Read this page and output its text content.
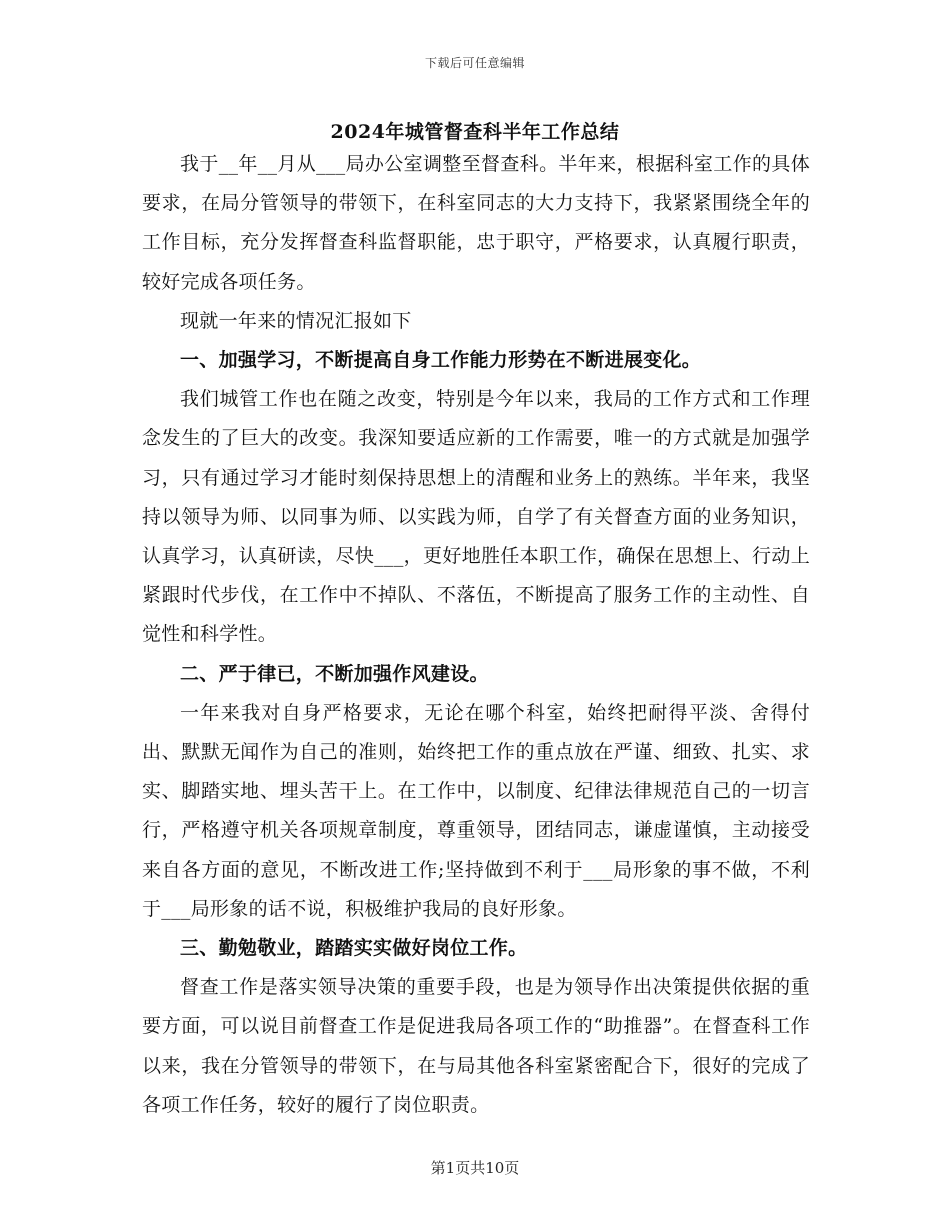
下载后可任意编辑
2024年城管督查科半年工作总结

我于__年__月从___局办公室调整至督查科。半年来，根据科室工作的具体要求，在局分管领导的带领下，在科室同志的大力支持下，我紧紧围绕全年的工作目标，充分发挥督查科监督职能，忠于职守，严格要求，认真履行职责，较好完成各项任务。

现就一年来的情况汇报如下

一、加强学习，不断提高自身工作能力形势在不断进展变化。

我们城管工作也在随之改变，特别是今年以来，我局的工作方式和工作理念发生的了巨大的改变。我深知要适应新的工作需要，唯一的方式就是加强学习，只有通过学习才能时刻保持思想上的清醒和业务上的熟练。半年来，我坚持以领导为师、以同事为师、以实践为师，自学了有关督查方面的业务知识，认真学习，认真研读，尽快___，更好地胜任本职工作，确保在思想上、行动上紧跟时代步伐，在工作中不掉队、不落伍，不断提高了服务工作的主动性、自觉性和科学性。

二、严于律已，不断加强作风建设。

一年来我对自身严格要求，无论在哪个科室，始终把耐得平淡、舍得付出、默默无闻作为自己的准则，始终把工作的重点放在严谨、细致、扎实、求实、脚踏实地、埋头苦干上。在工作中，以制度、纪律法律规范自己的一切言行，严格遵守机关各项规章制度，尊重领导，团结同志，谦虚谨慎，主动接受来自各方面的意见，不断改进工作;坚持做到不利于___局形象的事不做，不利于___局形象的话不说，积极维护我局的良好形象。

三、勤勉敬业，踏踏实实做好岗位工作。

督查工作是落实领导决策的重要手段，也是为领导作出决策提供依据的重要方面，可以说目前督查工作是促进我局各项工作的“助推器”。在督查科工作以来，我在分管领导的带领下，在与局其他各科室紧密配合下，很好的完成了各项工作任务，较好的履行了岗位职责。

第1页共10页
